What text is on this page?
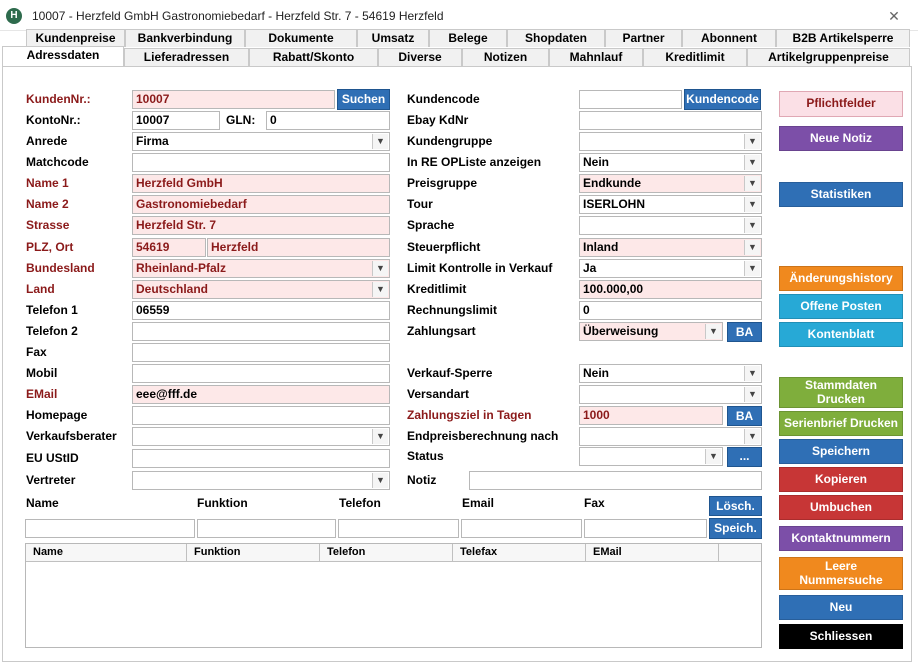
H	10007 - Herzfeld GmbH Gastronomiebedarf - Herzfeld Str. 7 - 54619 Herzfeld	✕
Kundenpreise	Bankverbindung	Dokumente	Umsatz	Belege	Shopdaten	Partner	Abonnent	B2B Artikelsperre
Adressdaten	Lieferadressen	Rabatt/Skonto	Diverse	Notizen	Mahnlauf	Kreditlimit	Artikelgruppenpreise
KundenNr.:	10007	Suchen
KontoNr.:	10007	GLN:	0
Anrede	Firma	▼
Matchcode
Name 1	Herzfeld GmbH
Name 2	Gastronomiebedarf
Strasse	Herzfeld Str. 7
PLZ, Ort	54619	Herzfeld
Bundesland	Rheinland-Pfalz	▼
Land	Deutschland	▼
Telefon 1	06559
Telefon 2
Fax
Mobil
EMail	eee@fff.de
Homepage
Verkaufsberater	▼
EU UStID
Vertreter	▼
Kundencode	Kundencode
Ebay KdNr
Kundengruppe	▼
In RE OPListe anzeigen	Nein	▼
Preisgruppe	Endkunde	▼
Tour	ISERLOHN	▼
Sprache	▼
Steuerpflicht	Inland	▼
Limit Kontrolle in Verkauf	Ja	▼
Kreditlimit	100.000,00
Rechnungslimit	0
Zahlungsart	Überweisung	▼	BA
Verkauf-Sperre	Nein	▼
Versandart	▼
Zahlungsziel in Tagen	1000	BA
Endpreisberechnung nach	▼
Status	▼	...
Notiz
Name	Funktion	Telefon	Email	Fax	Lösch.
Speich.
Name	Funktion	Telefon	Telefax	EMail
Pflichtfelder
Neue Notiz
Statistiken
Änderungshistory
Offene Posten
Kontenblatt
Stammdaten
Drucken
Serienbrief Drucken
Speichern
Kopieren
Umbuchen
Kontaktnummern
Leere
Nummersuche
Neu
Schliessen
